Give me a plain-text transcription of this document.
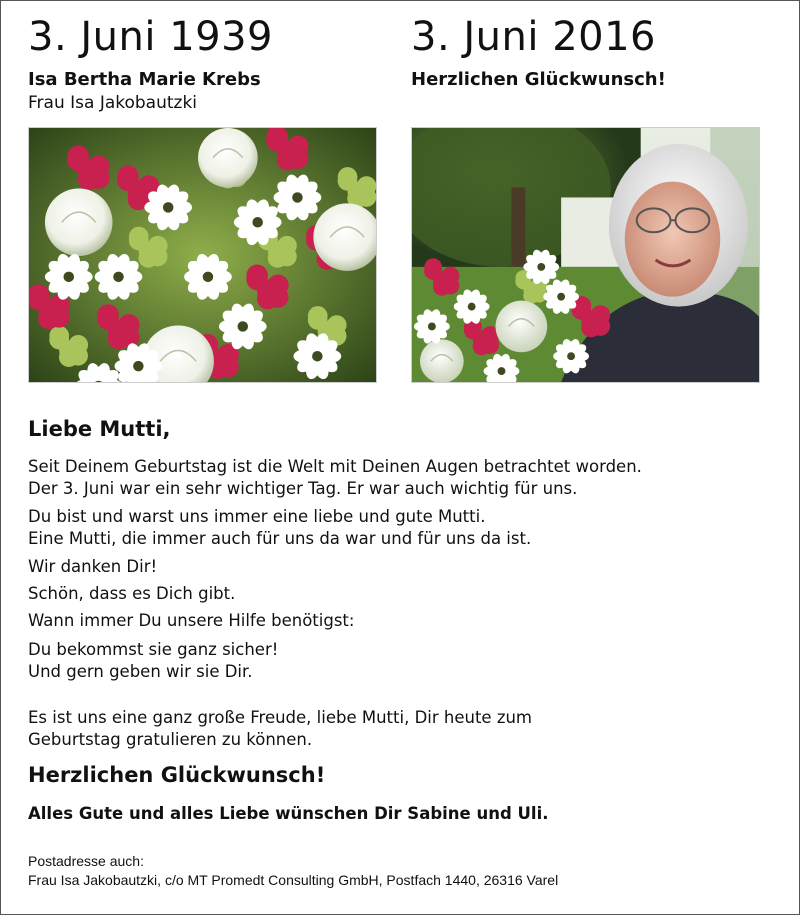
3. Juni 1939
Isa Bertha Marie Krebs
Frau Isa Jakobautzki
3. Juni 2016
Herzlichen Glückwunsch!
Liebe Mutti,
Seit Deinem Geburtstag ist die Welt mit Deinen Augen betrachtet worden.
Der 3. Juni war ein sehr wichtiger Tag. Er war auch wichtig für uns.
Du bist und warst uns immer eine liebe und gute Mutti.
Eine Mutti, die immer auch für uns da war und für uns da ist.
Wir danken Dir!
Schön, dass es Dich gibt.
Wann immer Du unsere Hilfe benötigst:
Du bekommst sie ganz sicher!
Und gern geben wir sie Dir.
Es ist uns eine ganz große Freude, liebe Mutti, Dir heute zum
Geburtstag gratulieren zu können.
Herzlichen Glückwunsch!
Alles Gute und alles Liebe wünschen Dir Sabine und Uli.
Postadresse auch:
Frau Isa Jakobautzki, c/o MT Promedt Consulting GmbH, Postfach 1440, 26316 Varel
